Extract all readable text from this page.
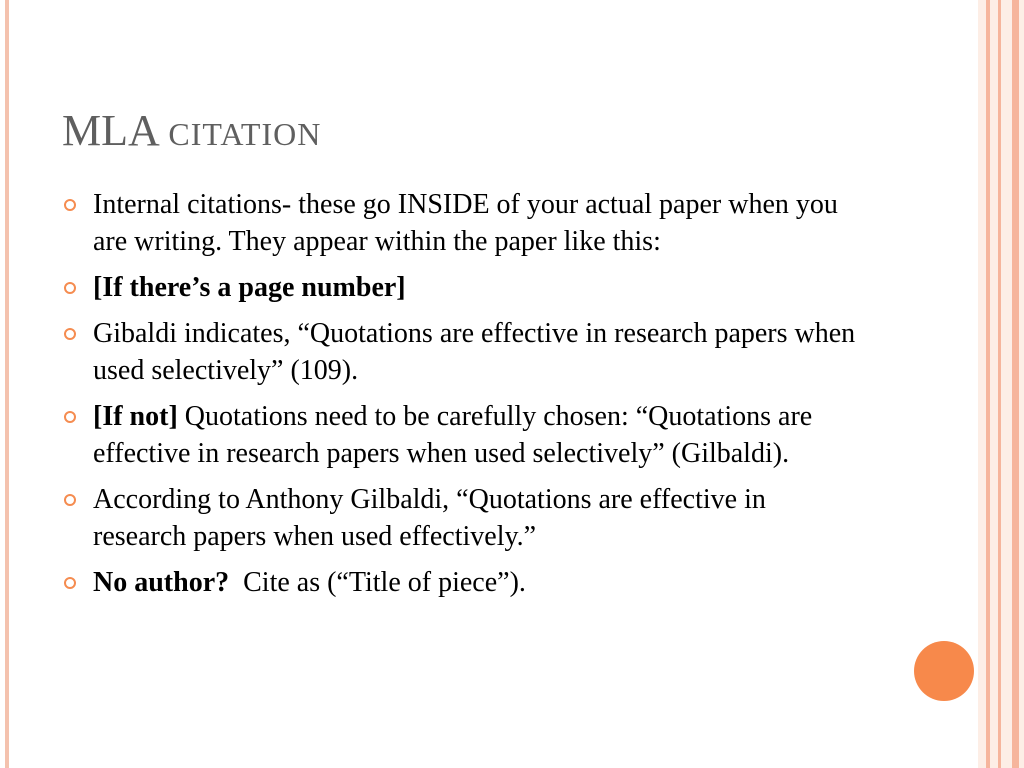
MLA CITATION
Internal citations- these go INSIDE of your actual paper when you are writing. They appear within the paper like this:
[If there’s a page number]
Gibaldi indicates, “Quotations are effective in research papers when used selectively” (109).
[If not] Quotations need to be carefully chosen: “Quotations are effective in research papers when used selectively” (Gilbaldi).
According to Anthony Gilbaldi, “Quotations are effective in research papers when used effectively.”
No author? Cite as (“Title of piece”).
